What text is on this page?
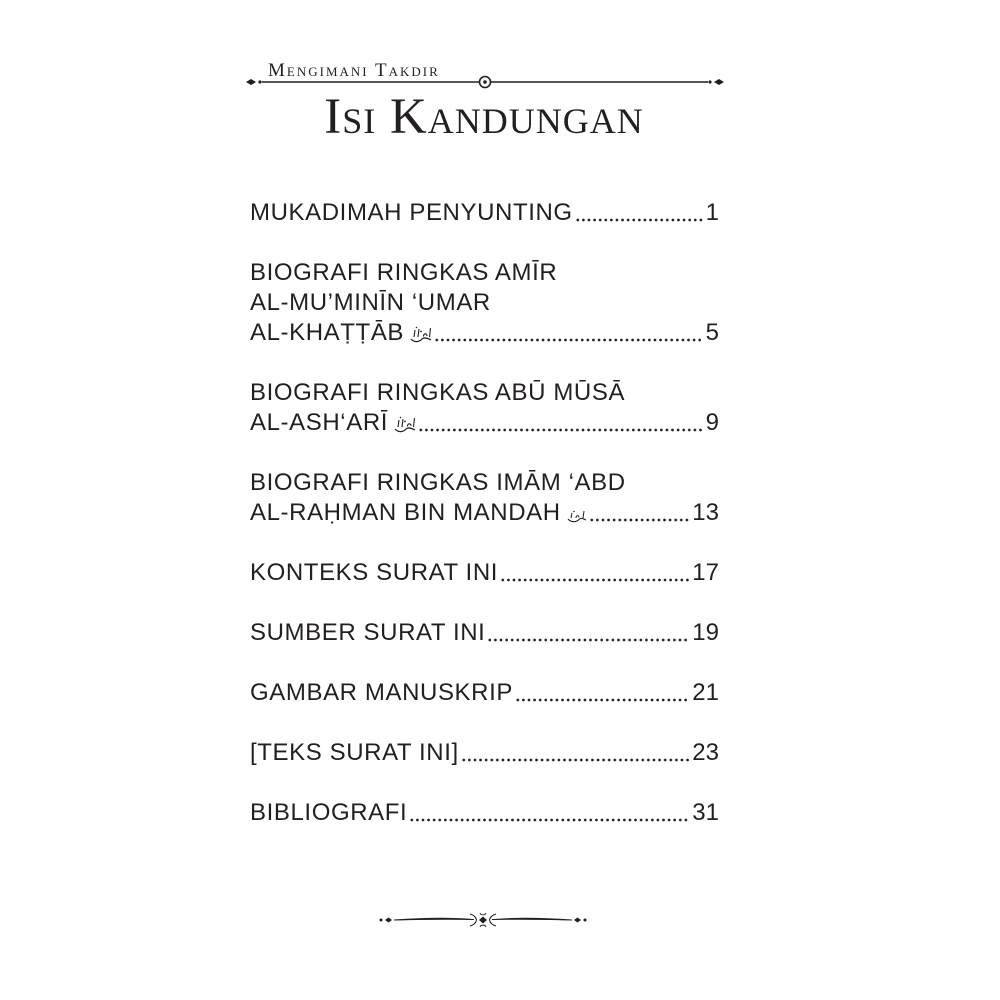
Mengimani Takdir
Isi Kandungan
MUKADIMAH PENYUNTING	1
BIOGRAFI RINGKAS AMĪR
AL-MU’MINĪN ‘UMAR
AL-KHAṬṬĀB	5
BIOGRAFI RINGKAS ABŪ MŪSĀ
AL-ASH‘ARĪ	9
BIOGRAFI RINGKAS IMĀM ‘ABD
AL-RAḤMAN BIN MANDAH	13
KONTEKS SURAT INI	17
SUMBER SURAT INI	19
GAMBAR MANUSKRIP	21
[TEKS SURAT INI]	23
BIBLIOGRAFI	31
